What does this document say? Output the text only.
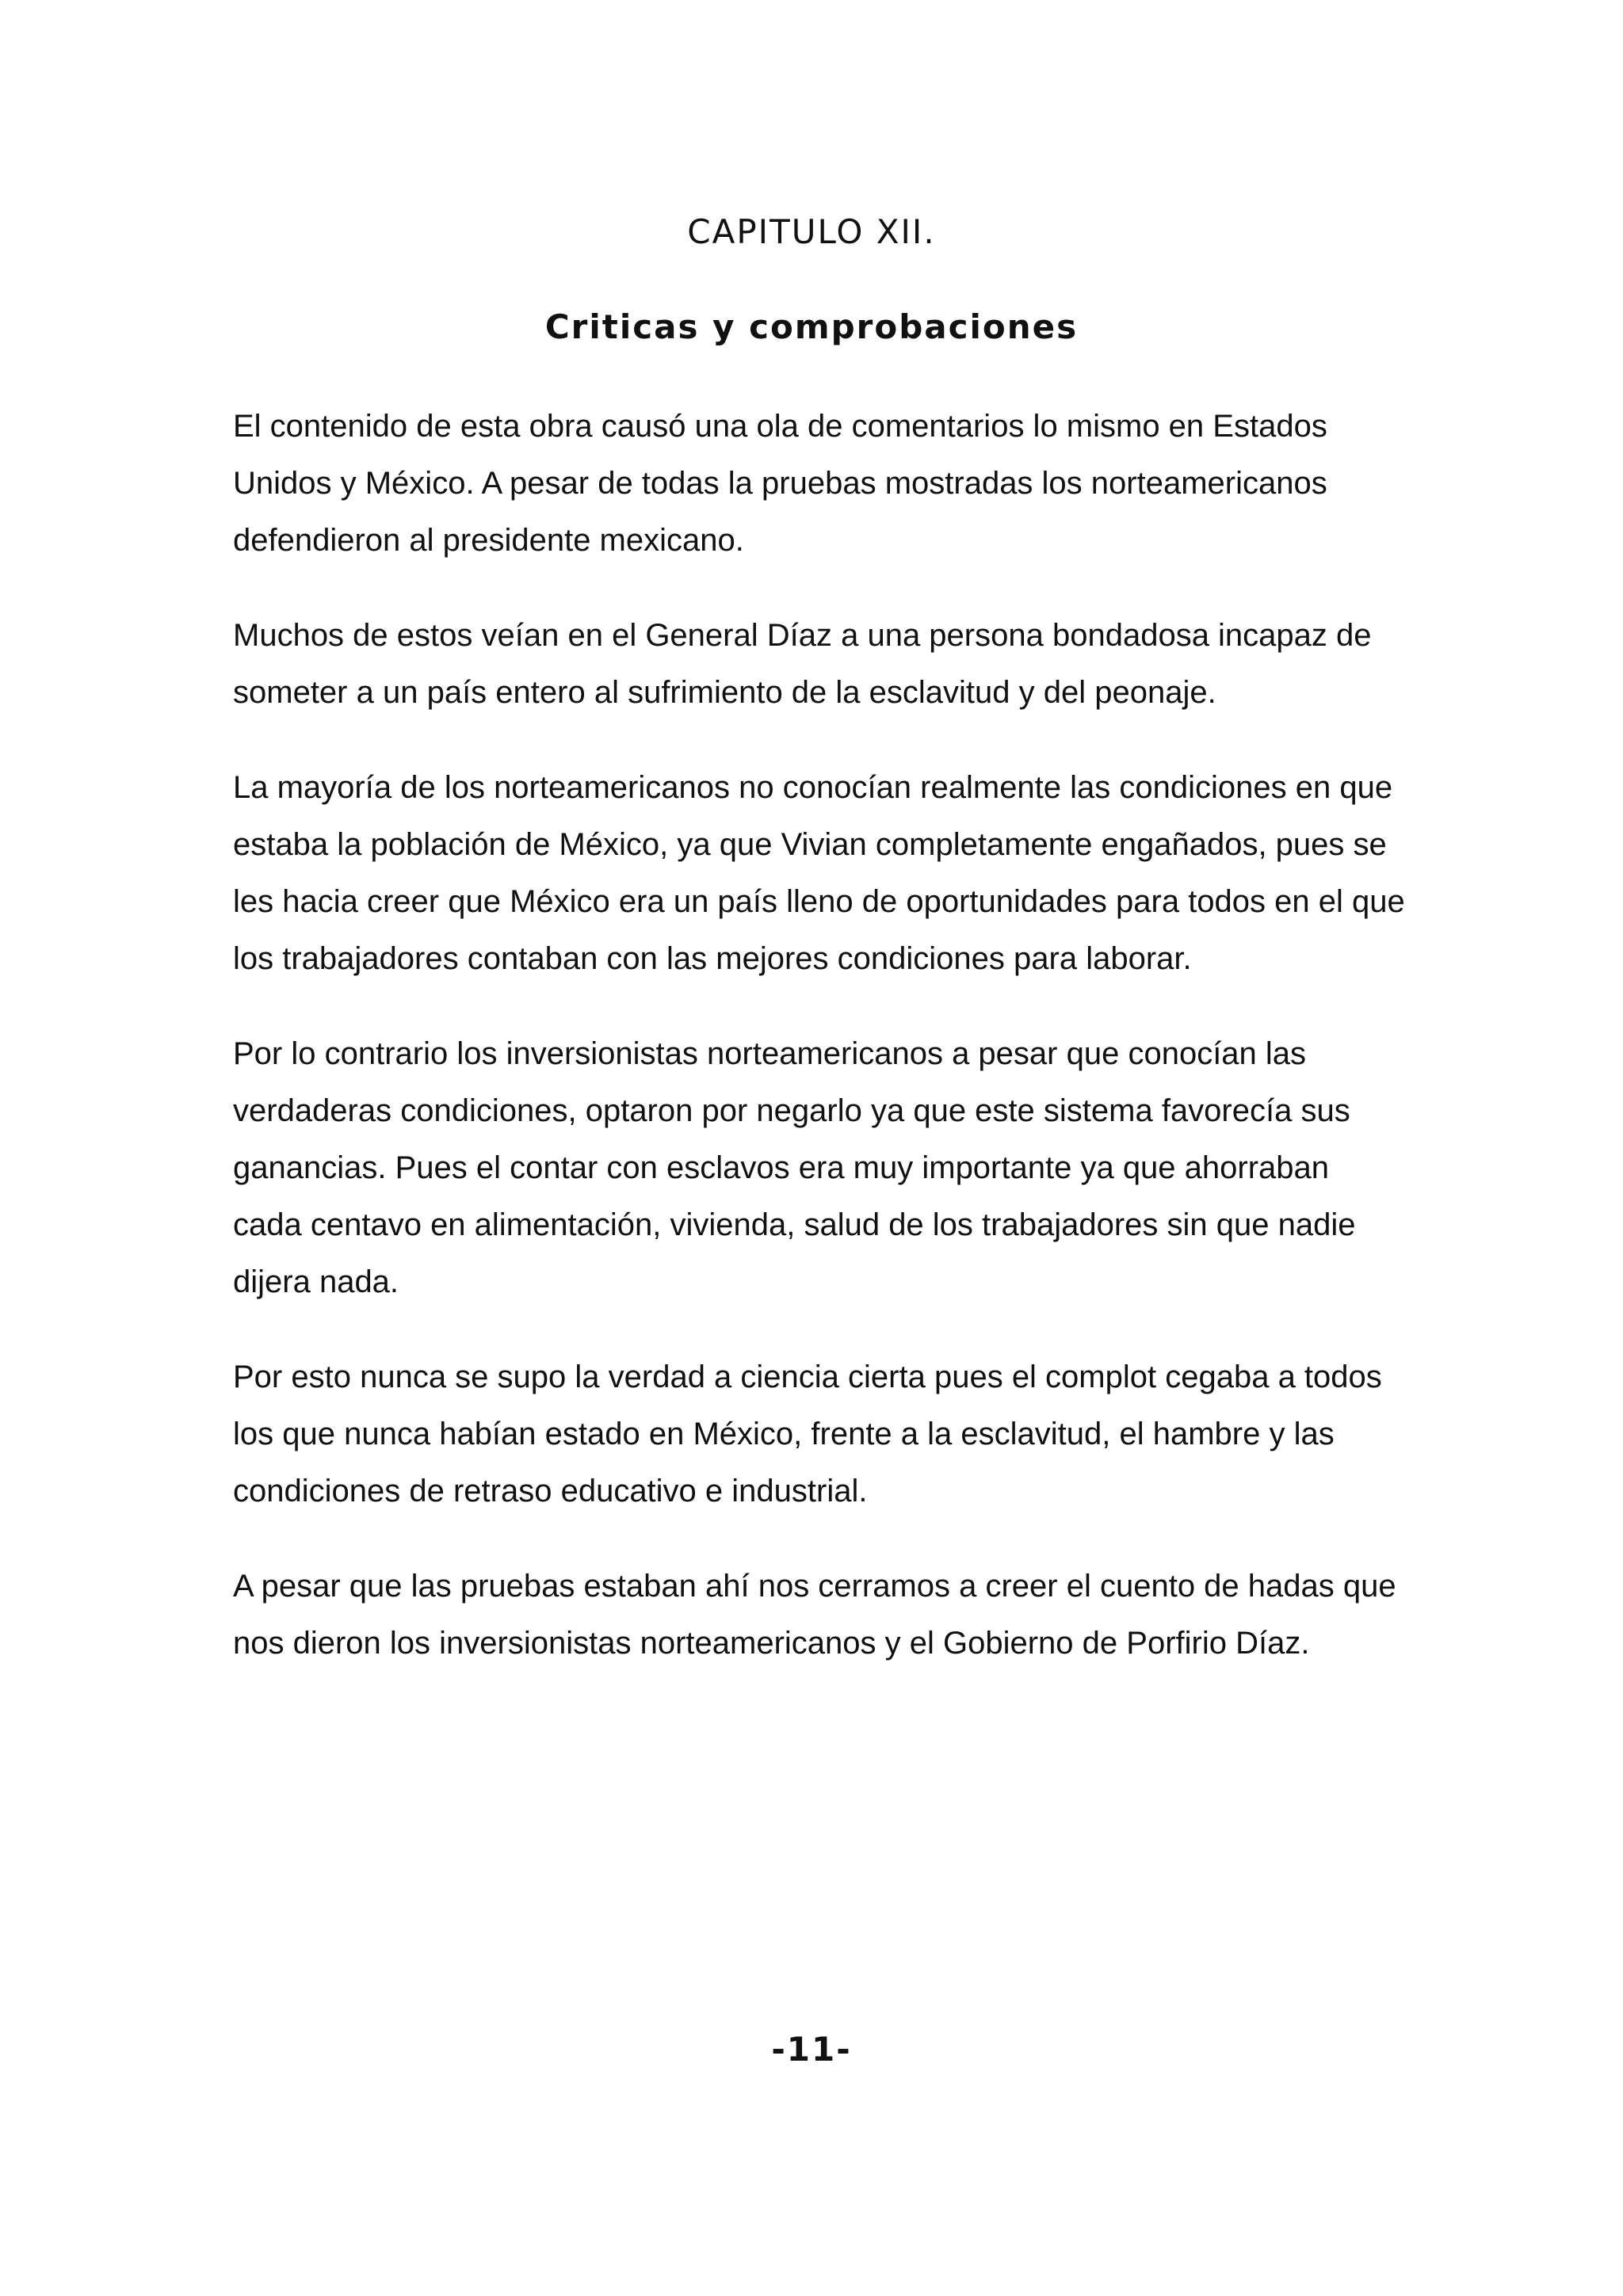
CAPITULO XII.
Criticas y comprobaciones

El contenido de esta obra causó una ola de comentarios lo mismo en Estados Unidos y México. A pesar de todas la pruebas mostradas los norteamericanos defendieron al presidente mexicano.

Muchos de estos veían en el General Díaz a una persona bondadosa incapaz de someter a un país entero al sufrimiento de la esclavitud y del peonaje.

La mayoría de los norteamericanos no conocían realmente las condiciones en que estaba la población de México, ya que Vivian completamente engañados, pues se les hacia creer que México era un país lleno de oportunidades para todos en el que los trabajadores contaban con las mejores condiciones para laborar.

Por lo contrario los inversionistas norteamericanos a pesar que conocían las verdaderas condiciones, optaron por negarlo ya que este sistema favorecía sus ganancias. Pues el contar con esclavos era muy importante ya que ahorraban cada centavo en alimentación, vivienda, salud de los trabajadores sin que nadie dijera nada.

Por esto nunca se supo la verdad a ciencia cierta pues el complot cegaba a todos los que nunca habían estado en México, frente a la esclavitud, el hambre y las condiciones de retraso educativo e industrial.

A pesar que las pruebas estaban ahí nos cerramos a creer el cuento de hadas que nos dieron los inversionistas norteamericanos y el Gobierno de Porfirio Díaz.

-11-
